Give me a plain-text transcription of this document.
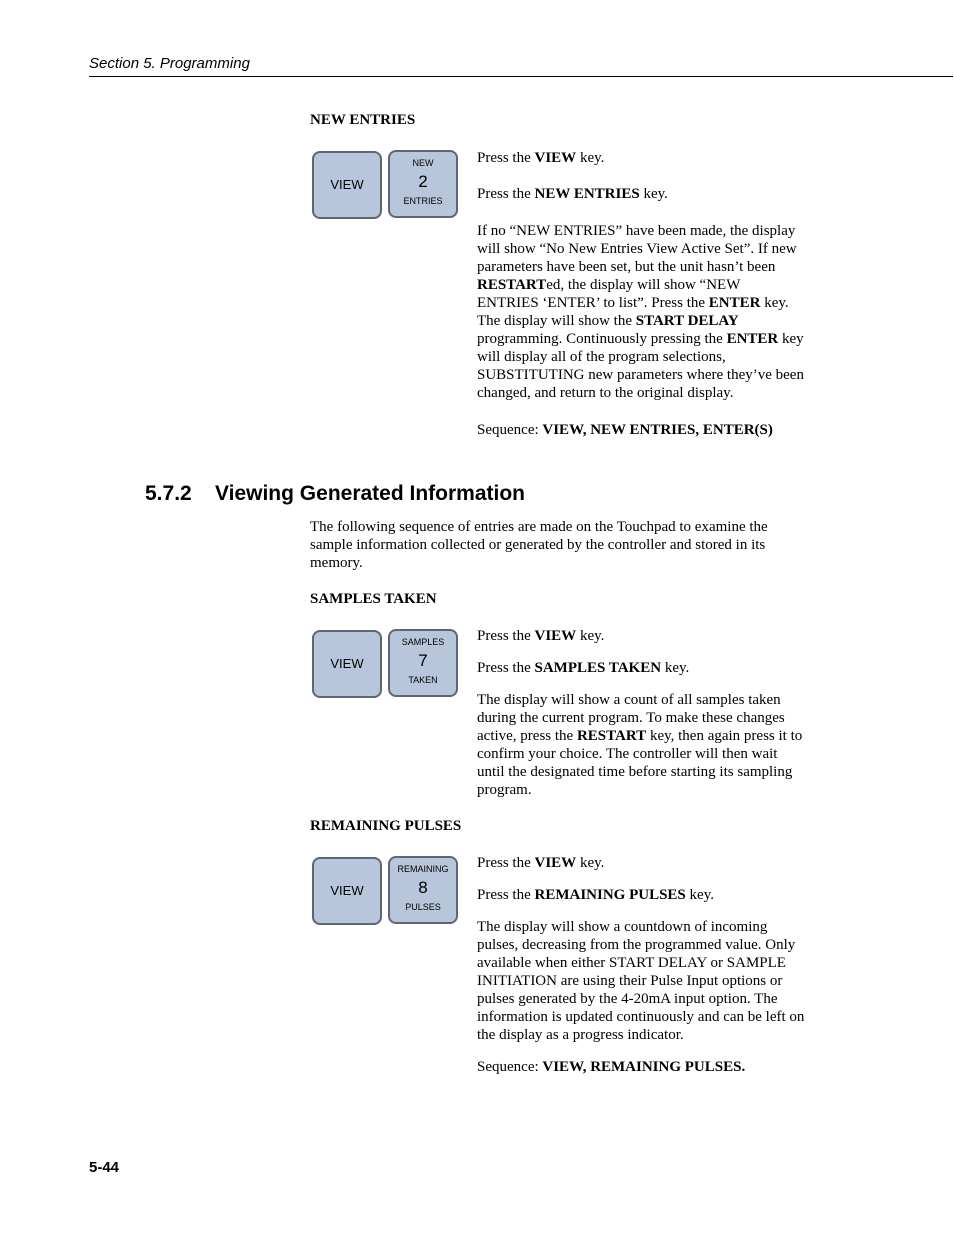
Section 5. Programming
NEW ENTRIES
VIEW
NEW
2
ENTRIES

Press the VIEW key.

Press the NEW ENTRIES key.

If no “NEW ENTRIES” have been made, the display will show “No New Entries View Active Set”. If new parameters have been set, but the unit hasn’t been RESTARTed, the display will show “NEW ENTRIES ‘ENTER’ to list”. Press the ENTER key. The display will show the START DELAY programming. Continuously pressing the ENTER key will display all of the program selections, SUBSTITUTING new parameters where they’ve been changed, and return to the original display.

Sequence: VIEW, NEW ENTRIES, ENTER(S)

5.7.2 Viewing Generated Information
The following sequence of entries are made on the Touchpad to examine the sample information collected or generated by the controller and stored in its memory.
SAMPLES TAKEN
VIEW
SAMPLES
7
TAKEN

Press the VIEW key.

Press the SAMPLES TAKEN key.

The display will show a count of all samples taken during the current program. To make these changes active, press the RESTART key, then again press it to confirm your choice. The controller will then wait until the designated time before starting its sampling program.

REMAINING PULSES
VIEW
REMAINING
8
PULSES

Press the VIEW key.

Press the REMAINING PULSES key.

The display will show a countdown of incoming pulses, decreasing from the programmed value. Only available when either START DELAY or SAMPLE INITIATION are using their Pulse Input options or pulses generated by the 4-20mA input option. The information is updated continuously and can be left on the display as a progress indicator.

Sequence: VIEW, REMAINING PULSES.

5-44
